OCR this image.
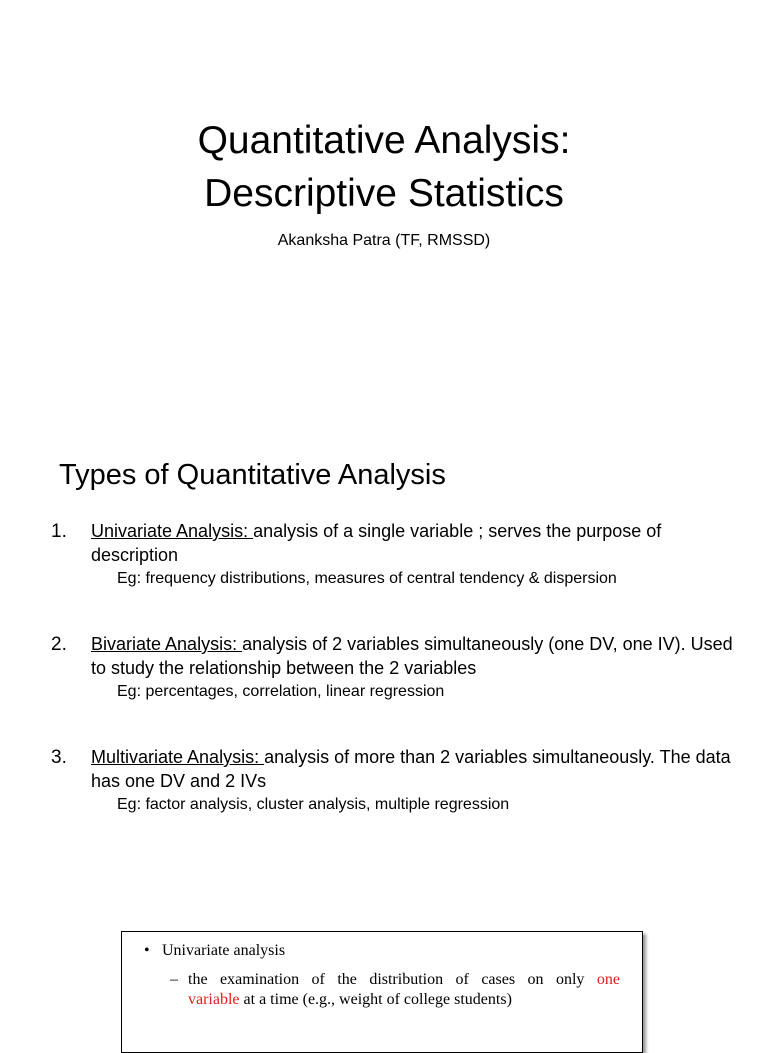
Quantitative Analysis:
Descriptive Statistics
Akanksha Patra (TF, RMSSD)
Types of Quantitative Analysis
1. Univariate Analysis: analysis of a single variable ; serves the purpose of description
Eg: frequency distributions, measures of central tendency & dispersion
2. Bivariate Analysis: analysis of 2 variables simultaneously (one DV, one IV). Used to study the relationship between the 2 variables
Eg: percentages, correlation, linear regression
3. Multivariate Analysis: analysis of more than 2 variables simultaneously. The data has one DV and 2 IVs
Eg: factor analysis, cluster analysis, multiple regression
• Univariate analysis
– the examination of the distribution of cases on only one
variable at a time (e.g., weight of college students)
